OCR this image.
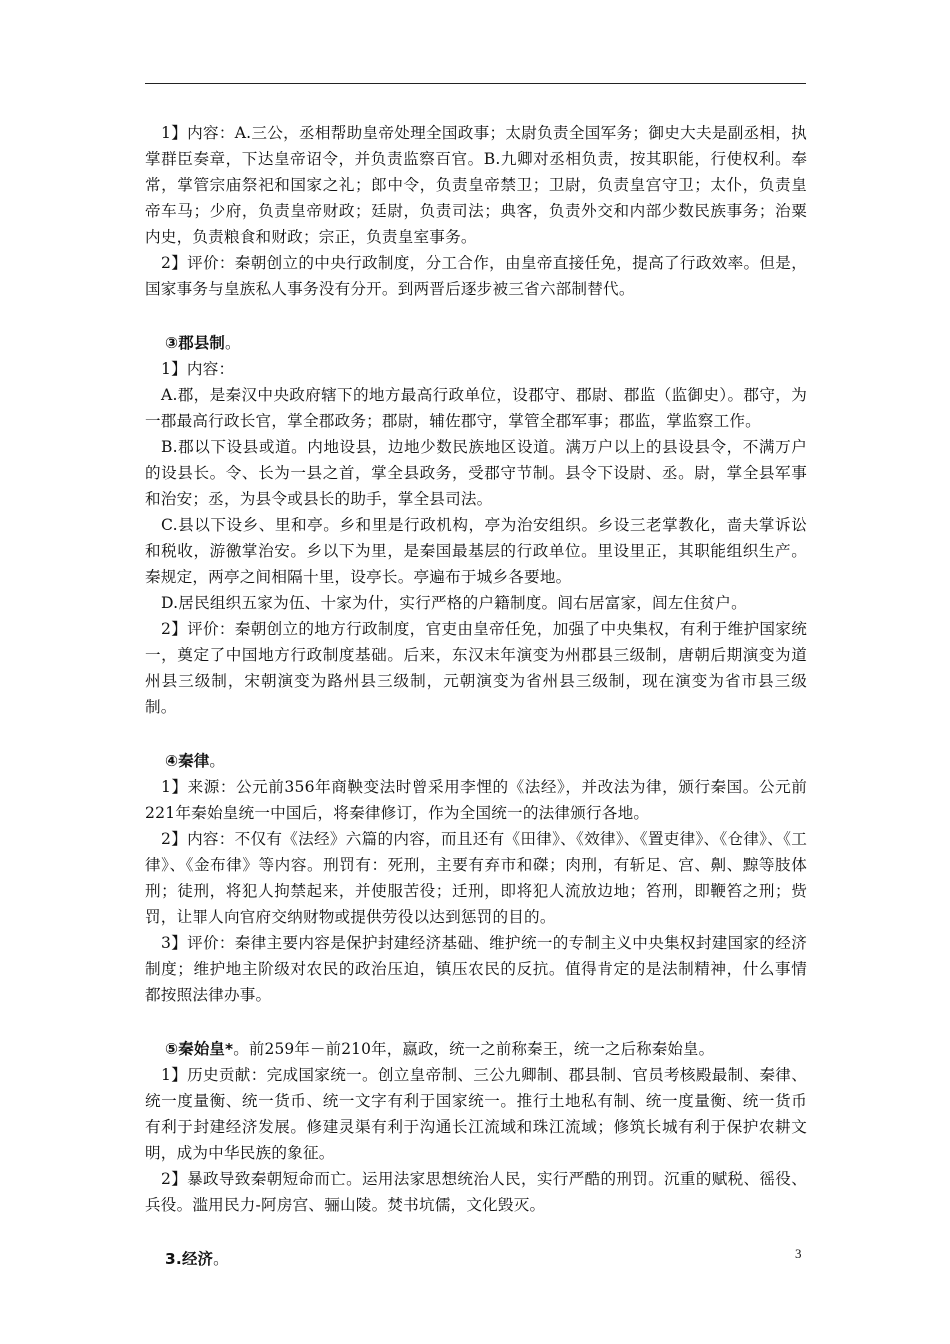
1】内容：A.三公，丞相帮助皇帝处理全国政事；太尉负责全国军务；御史大夫是副丞相，执掌群臣奏章，下达皇帝诏令，并负责监察百官。B.九卿对丞相负责，按其职能，行使权利。奉常，掌管宗庙祭祀和国家之礼；郎中令，负责皇帝禁卫；卫尉，负责皇宫守卫；太仆，负责皇帝车马；少府，负责皇帝财政；廷尉，负责司法；典客，负责外交和内部少数民族事务；治粟内史，负责粮食和财政；宗正，负责皇室事务。

2】评价：秦朝创立的中央行政制度，分工合作，由皇帝直接任免，提高了行政效率。但是，国家事务与皇族私人事务没有分开。到两晋后逐步被三省六部制替代。

③郡县制。

1】内容：

A.郡，是秦汉中央政府辖下的地方最高行政单位，设郡守、郡尉、郡监（监御史）。郡守，为一郡最高行政长官，掌全郡政务；郡尉，辅佐郡守，掌管全郡军事；郡监，掌监察工作。

B.郡以下设县或道。内地设县，边地少数民族地区设道。满万户以上的县设县令，不满万户的设县长。令、长为一县之首，掌全县政务，受郡守节制。县令下设尉、丞。尉，掌全县军事和治安；丞，为县令或县长的助手，掌全县司法。

C.县以下设乡、里和亭。乡和里是行政机构，亭为治安组织。乡设三老掌教化，啬夫掌诉讼和税收，游徼掌治安。乡以下为里，是秦国最基层的行政单位。里设里正，其职能组织生产。秦规定，两亭之间相隔十里，设亭长。亭遍布于城乡各要地。

D.居民组织五家为伍、十家为什，实行严格的户籍制度。闾右居富家，闾左住贫户。

2】评价：秦朝创立的地方行政制度，官吏由皇帝任免，加强了中央集权，有利于维护国家统一，奠定了中国地方行政制度基础。后来，东汉末年演变为州郡县三级制，唐朝后期演变为道州县三级制，宋朝演变为路州县三级制，元朝演变为省州县三级制，现在演变为省市县三级制。

④秦律。

1】来源：公元前356年商鞅变法时曾采用李悝的《法经》，并改法为律，颁行秦国。公元前221年秦始皇统一中国后，将秦律修订，作为全国统一的法律颁行各地。

2】内容：不仅有《法经》六篇的内容，而且还有《田律》、《效律》、《置吏律》、《仓律》、《工律》、《金布律》等内容。刑罚有：死刑，主要有弃市和磔；肉刑，有斩足、宫、劓、黥等肢体刑；徒刑，将犯人拘禁起来，并使服苦役；迁刑，即将犯人流放边地；笞刑，即鞭笞之刑；赀罚，让罪人向官府交纳财物或提供劳役以达到惩罚的目的。

3】评价：秦律主要内容是保护封建经济基础、维护统一的专制主义中央集权封建国家的经济制度；维护地主阶级对农民的政治压迫，镇压农民的反抗。值得肯定的是法制精神，什么事情都按照法律办事。

⑤秦始皇*。前259年－前210年，嬴政，统一之前称秦王，统一之后称秦始皇。

1】历史贡献：完成国家统一。创立皇帝制、三公九卿制、郡县制、官员考核殿最制、秦律、统一度量衡、统一货币、统一文字有利于国家统一。推行土地私有制、统一度量衡、统一货币有利于封建经济发展。修建灵渠有利于沟通长江流域和珠江流域；修筑长城有利于保护农耕文明，成为中华民族的象征。

2】暴政导致秦朝短命而亡。运用法家思想统治人民，实行严酷的刑罚。沉重的赋税、徭役、兵役。滥用民力-阿房宫、骊山陵。焚书坑儒，文化毁灭。

3.经济。	3
